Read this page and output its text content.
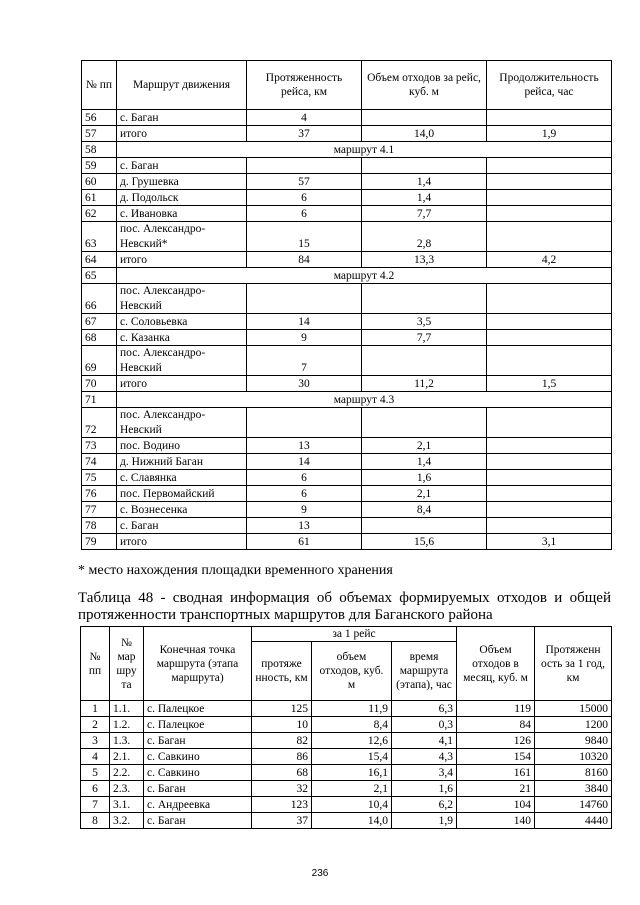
№ пп	Маршрут движения	Протяженность рейса, км	Объем отходов за рейс, куб. м	Продолжительность рейса, час
56	с. Баган	4		
57	итого	37	14,0	1,9
58	маршрут 4.1			
59	с. Баган			
60	д. Грушевка	57	1,4	
61	д. Подольск	6	1,4	
62	с. Ивановка	6	7,7	
63	пос. Александро-Невский*	15	2,8	
64	итого	84	13,3	4,2
65	маршрут 4.2			
66	пос. Александро-Невский			
67	с. Соловьевка	14	3,5	
68	с. Казанка	9	7,7	
69	пос. Александро-Невский	7		
70	итого	30	11,2	1,5
71	маршрут 4.3			
72	пос. Александро-Невский			
73	пос. Водино	13	2,1	
74	д. Нижний Баган	14	1,4	
75	с. Славянка	6	1,6	
76	пос. Первомайский	6	2,1	
77	с. Вознесенка	9	8,4	
78	с. Баган	13		
79	итого	61	15,6	3,1
* место нахождения площадки временного хранения
Таблица 48 - сводная информация об объемах формируемых отходов и общей протяженности транспортных маршрутов для Баганского района
№ пп	№ мар шру та	Конечная точка маршрута (этапа маршрута)	за 1 рейс			Объем отходов в месяц, куб. м	Протяженн ость за 1 год, км
			протяже нность, км	объем отходов, куб. м	время маршрута (этапа), час		
1	1.1.	с. Палецкое	125	11,9	6,3	119	15000
2	1.2.	с. Палецкое	10	8,4	0,3	84	1200
3	1.3.	с. Баган	82	12,6	4,1	126	9840
4	2.1.	с. Савкино	86	15,4	4,3	154	10320
5	2.2.	с. Савкино	68	16,1	3,4	161	8160
6	2.3.	с. Баган	32	2,1	1,6	21	3840
7	3.1.	с. Андреевка	123	10,4	6,2	104	14760
8	3.2.	с. Баган	37	14,0	1,9	140	4440
236
